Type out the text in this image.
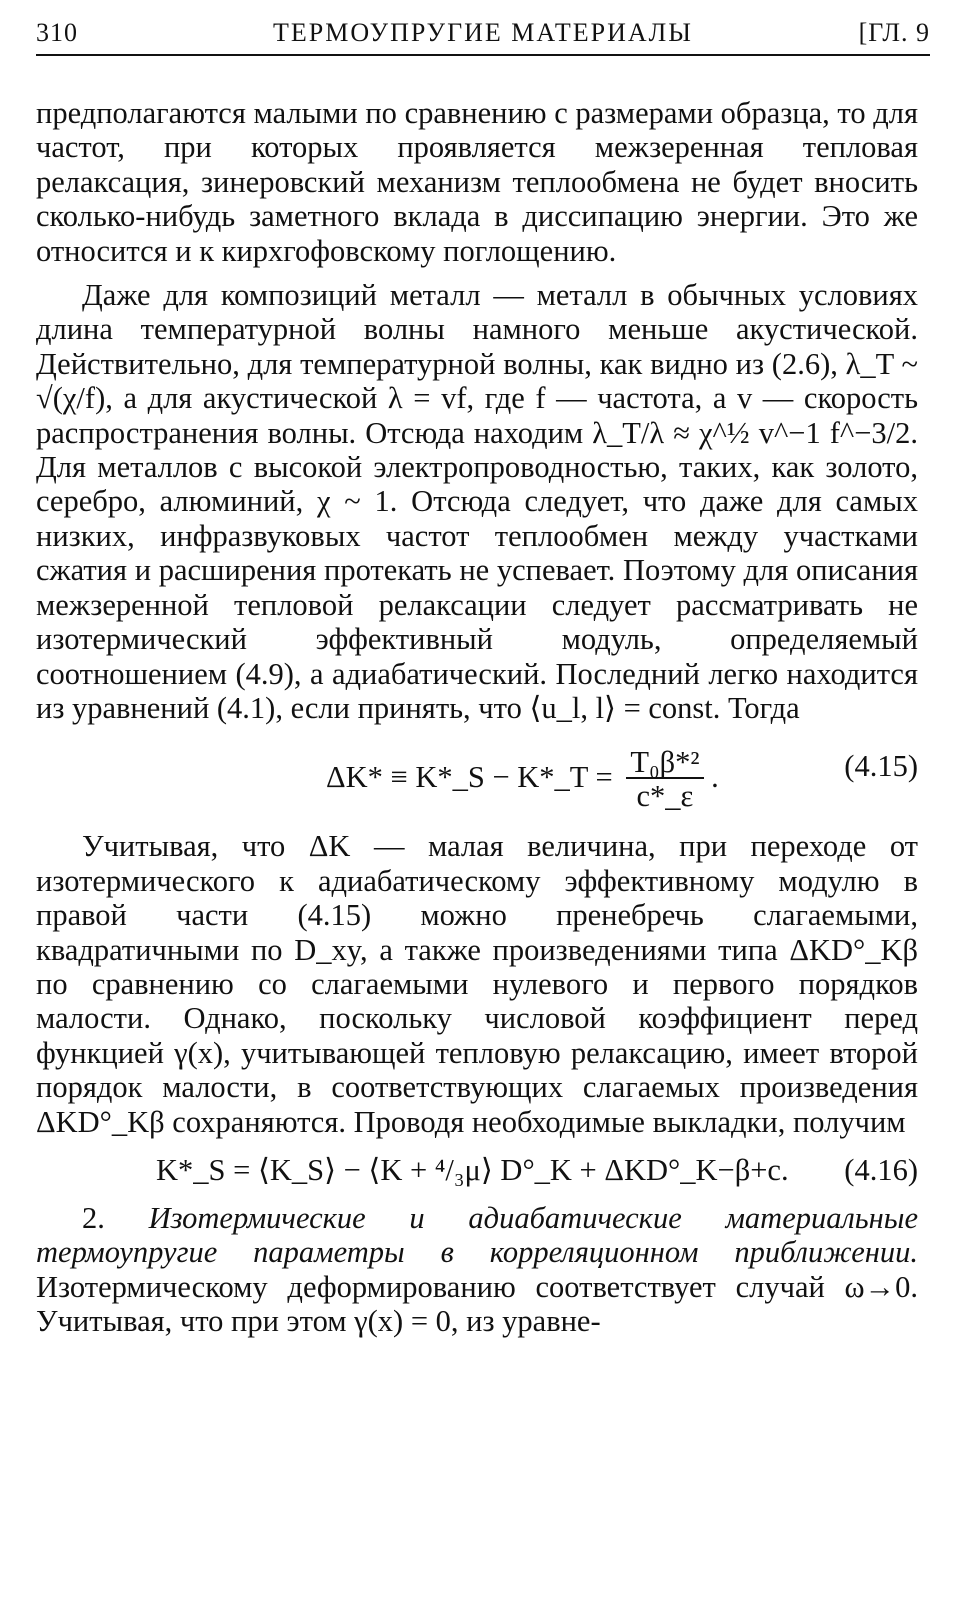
310	ТЕРМОУПРУГИЕ МАТЕРИАЛЫ	[ГЛ. 9

предполагаются малыми по сравнению с размерами образца, то для частот, при которых проявляется межзеренная тепловая релаксация, зинеровский механизм теплообмена не будет вносить сколько-нибудь заметного вклада в диссипацию энергии. Это же относится и к кирхгофовскому поглощению.

Даже для композиций металл — металл в обычных условиях длина температурной волны намного меньше акустической. Действительно, для температурной волны, как видно из (2.6), λ_T ~ √(χ/f), а для акустической λ = vf, где f — частота, а v — скорость распространения волны. Отсюда находим λ_T/λ ≈ χ^½ v^−1 f^−3/2. Для металлов с высокой электропроводностью, таких, как золото, серебро, алюминий, χ ~ 1. Отсюда следует, что даже для самых низких, инфразвуковых частот теплообмен между участками сжатия и расширения протекать не успевает. Поэтому для описания межзеренной тепловой релаксации следует рассматривать не изотермический эффективный модуль, определяемый соотношением (4.9), а адиабатический. Последний легко находится из уравнений (4.1), если принять, что ⟨u_l, l⟩ = const. Тогда

ΔK* ≡ K*_S − K*_T = $\frac{\text{T₀β*²}}{c*\_\varepsilon}$ .	(4.15)

Учитывая, что ΔK — малая величина, при переходе от изотермического к адиабатическому эффективному модулю в правой части (4.15) можно пренебречь слагаемыми, квадратичными по D_xy, а также произведениями типа ΔKD°_Kβ по сравнению со слагаемыми нулевого и первого порядков малости. Однако, поскольку числовой коэффициент перед функцией γ(x), учитывающей тепловую релаксацию, имеет второй порядок малости, в соответствующих слагаемых произведения ΔKD°_Kβ сохраняются. Проводя необходимые выкладки, получим

K*_S = ⟨K_S⟩ − ⟨K + ⁴/₃μ⟩ D°_K + ΔKD°_K−β+c. (4.16)

2. Изотермические и адиабатические материальные термоупругие параметры в корреляционном приближении. Изотермическому деформированию соответствует случай ω→0. Учитывая, что при этом γ(x) = 0, из уравне-
